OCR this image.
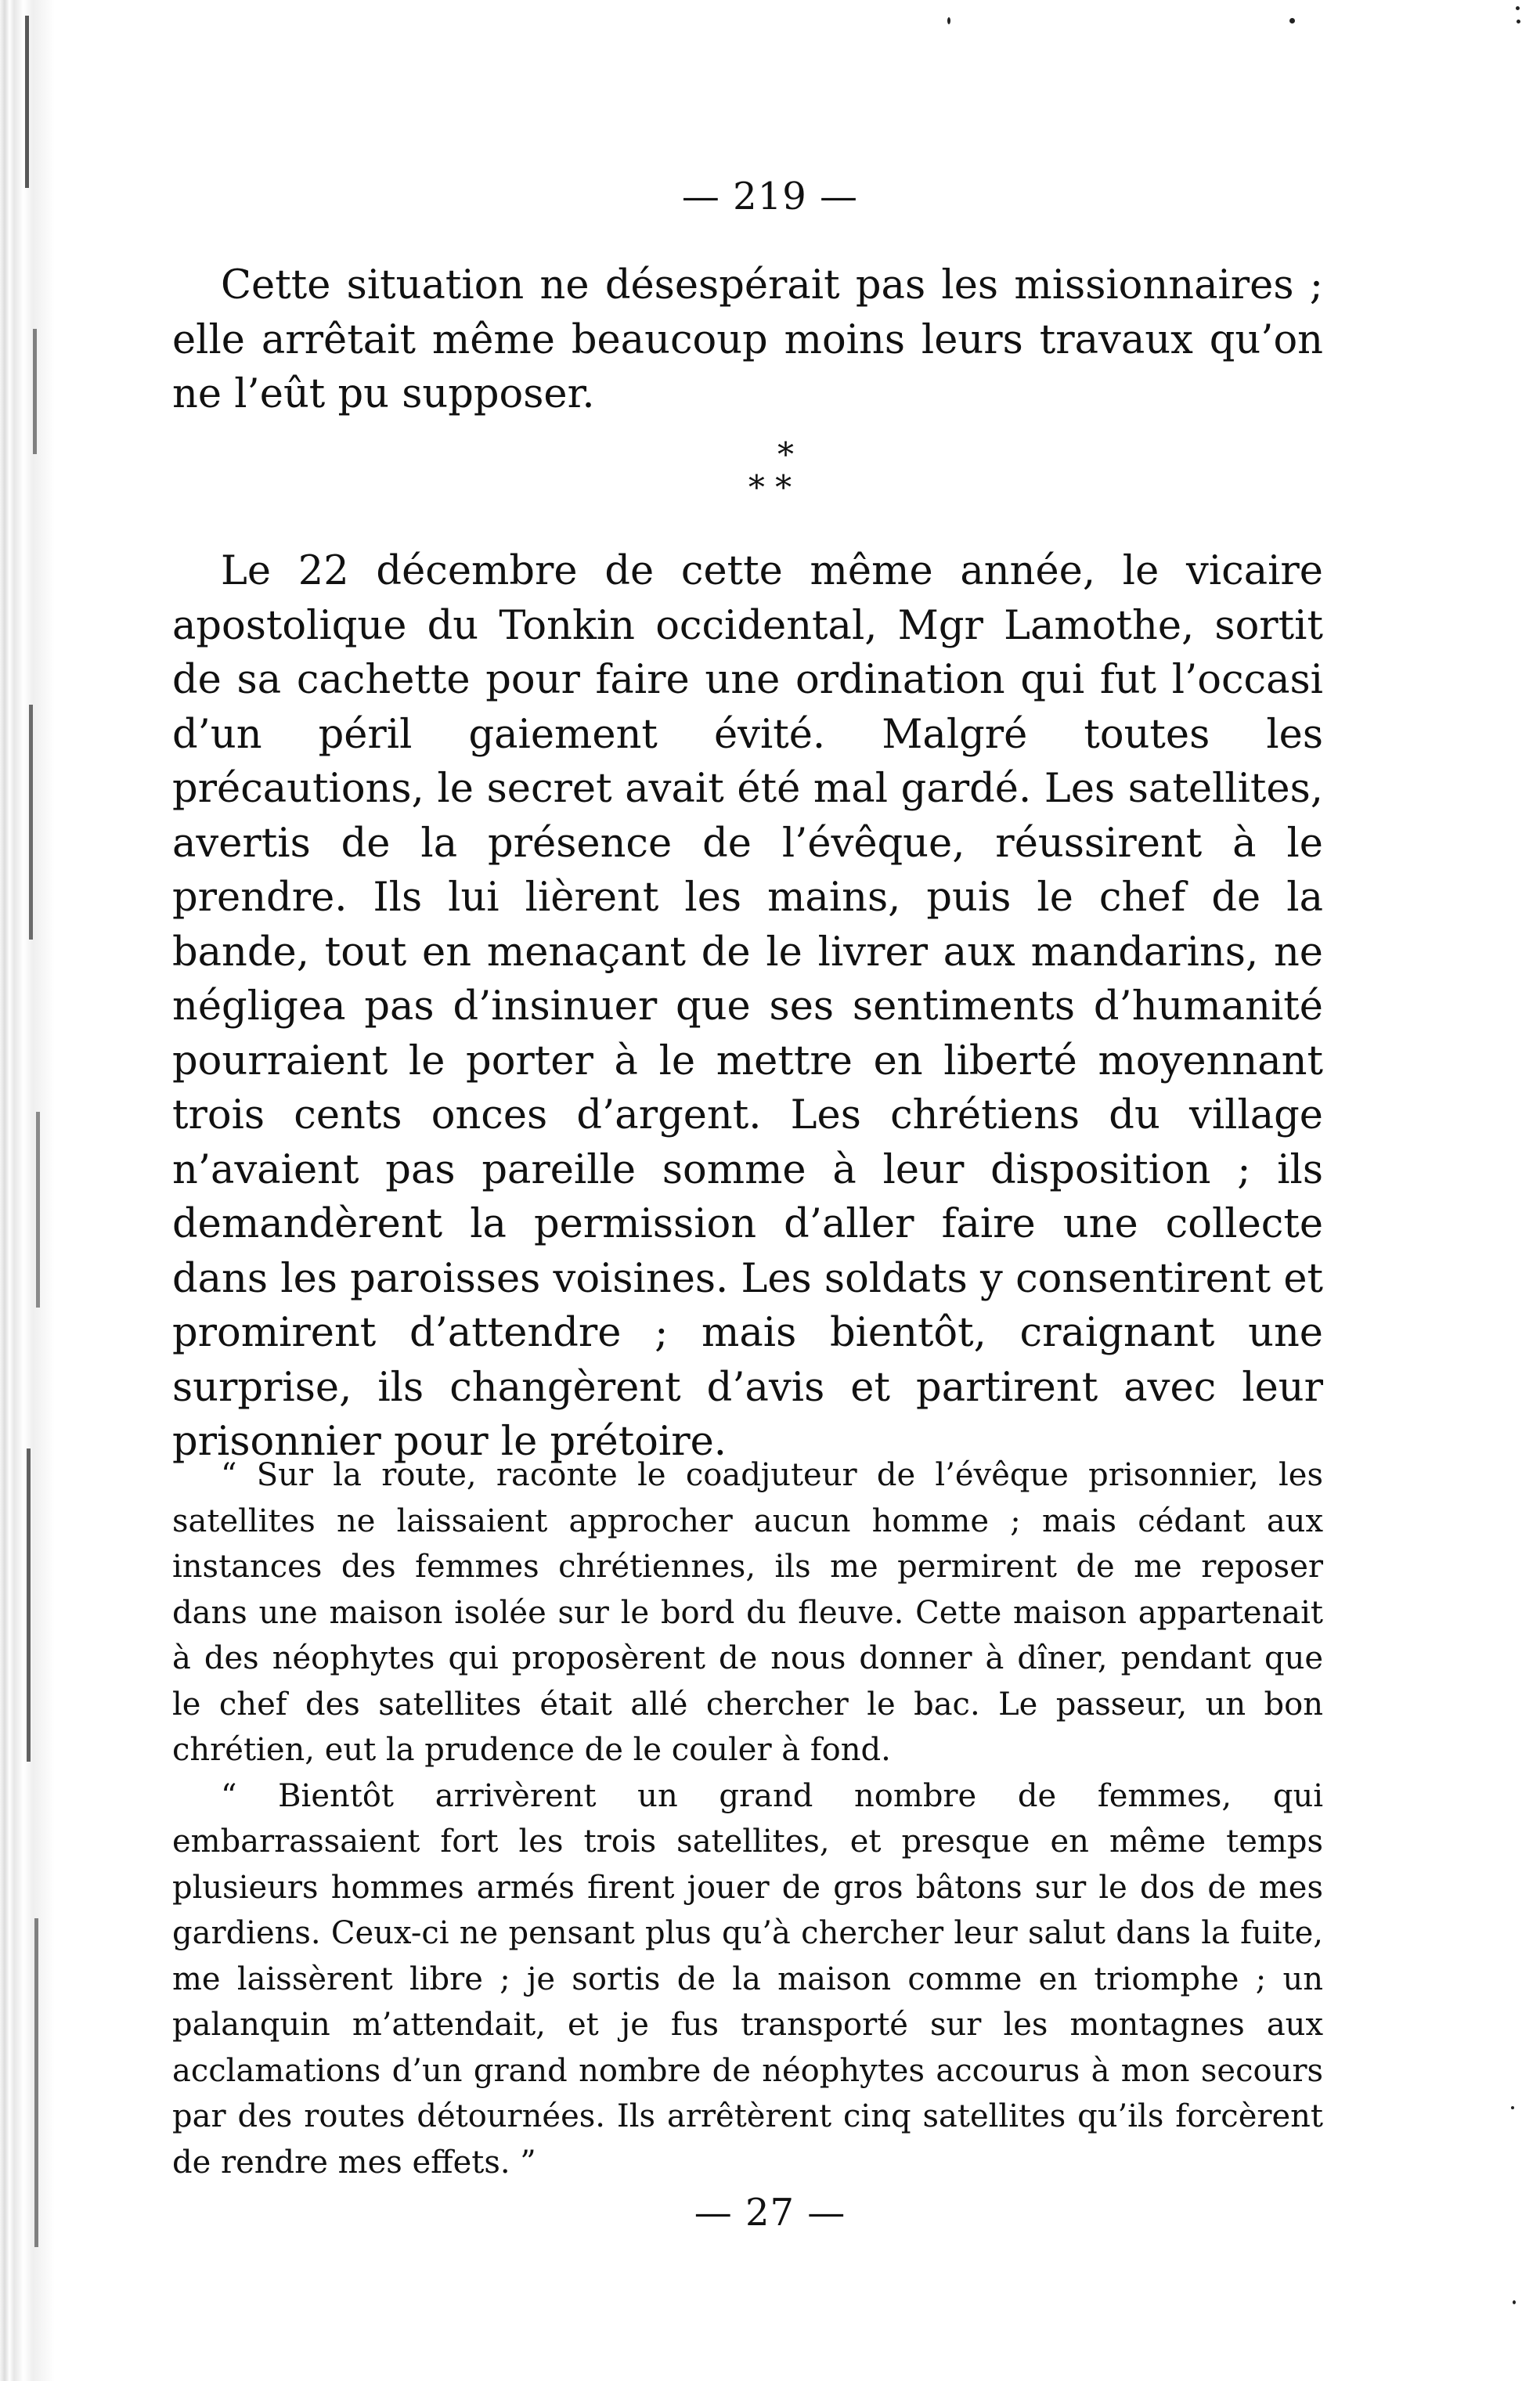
— 219 —

Cette situation ne désespérait pas les missionnaires ; elle arrêtait même beaucoup moins leurs travaux qu’on ne l’eût pu supposer.

*
* *

Le 22 décembre de cette même année, le vicaire apostolique du Tonkin occidental, Mgr Lamothe, sortit de sa cachette pour faire une ordination qui fut l’occasi d’un péril gaiement évité. Malgré toutes les précautions, le secret avait été mal gardé. Les satellites, avertis de la présence de l’évêque, réussirent à le prendre. Ils lui lièrent les mains, puis le chef de la bande, tout en menaçant de le livrer aux mandarins, ne négligea pas d’insinuer que ses sentiments d’humanité pourraient le porter à le mettre en liberté moyennant trois cents onces d’argent. Les chrétiens du village n’avaient pas pareille somme à leur disposition ; ils demandèrent la permission d’aller faire une collecte dans les paroisses voisines. Les soldats y consentirent et promirent d’attendre ; mais bientôt, craignant une surprise, ils changèrent d’avis et partirent avec leur prisonnier pour le prétoire.

“ Sur la route, raconte le coadjuteur de l’évêque prisonnier, les satellites ne laissaient approcher aucun homme ; mais cédant aux instances des femmes chrétiennes, ils me permirent de me reposer dans une maison isolée sur le bord du fleuve. Cette maison appartenait à des néophytes qui proposèrent de nous donner à dîner, pendant que le chef des satellites était allé chercher le bac. Le passeur, un bon chrétien, eut la prudence de le couler à fond.

“ Bientôt arrivèrent un grand nombre de femmes, qui embarrassaient fort les trois satellites, et presque en même temps plusieurs hommes armés firent jouer de gros bâtons sur le dos de mes gardiens. Ceux-ci ne pensant plus qu’à chercher leur salut dans la fuite, me laissèrent libre ; je sortis de la maison comme en triomphe ; un palanquin m’attendait, et je fus transporté sur les montagnes aux acclamations d’un grand nombre de néophytes accourus à mon secours par des routes détournées. Ils arrêtèrent cinq satellites qu’ils forcèrent de rendre mes effets. ”

— 27 —
